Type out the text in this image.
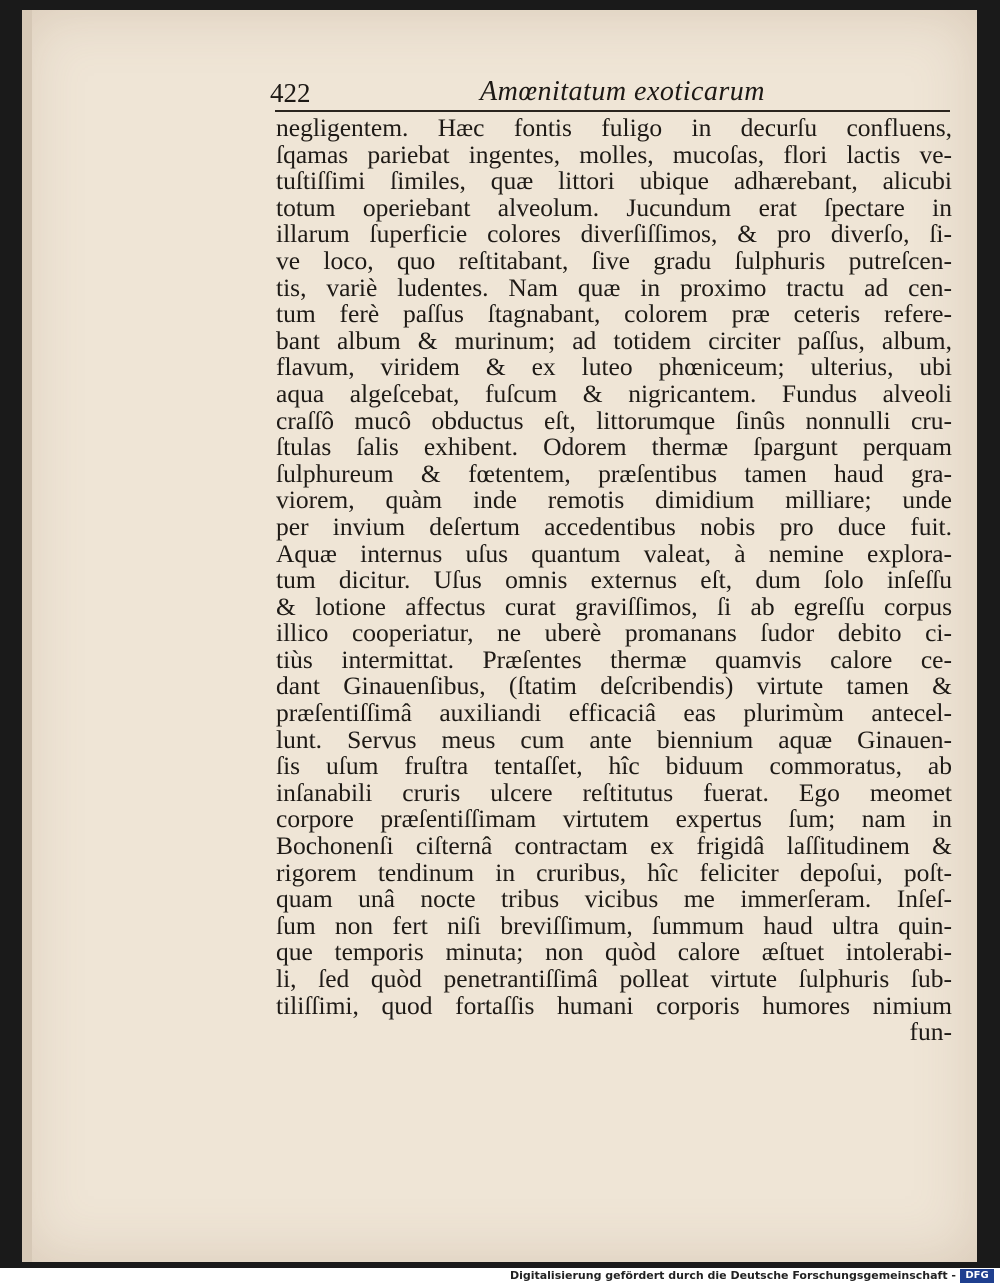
422	Amœnitatum exoticarum
negligentem. Hæc fontis fuligo in decurſu confluens,
ſqamas pariebat ingentes, molles, mucoſas, flori lactis ve-
tuſtiſſimi ſimiles, quæ littori ubique adhærebant, alicubi
totum operiebant alveolum. Jucundum erat ſpectare in
illarum ſuperficie colores diverſiſſimos, & pro diverſo, ſi-
ve loco, quo reſtitabant, ſive gradu ſulphuris putreſcen-
tis, variè ludentes. Nam quæ in proximo tractu ad cen-
tum ferè paſſus ſtagnabant, colorem præ ceteris refere-
bant album & murinum; ad totidem circiter paſſus, album,
flavum, viridem & ex luteo phœniceum; ulterius, ubi
aqua algeſcebat, fuſcum & nigricantem. Fundus alveoli
craſſô mucô obductus eſt, littorumque ſinûs nonnulli cru-
ſtulas ſalis exhibent. Odorem thermæ ſpargunt perquam
ſulphureum & fœtentem, præſentibus tamen haud gra-
viorem, quàm inde remotis dimidium milliare; unde
per invium deſertum accedentibus nobis pro duce fuit.
Aquæ internus uſus quantum valeat, à nemine explora-
tum dicitur. Uſus omnis externus eſt, dum ſolo inſeſſu
& lotione affectus curat graviſſimos, ſi ab egreſſu corpus
illico cooperiatur, ne uberè promanans ſudor debito ci-
tiùs intermittat. Præſentes thermæ quamvis calore ce-
dant Ginauenſibus, (ſtatim deſcribendis) virtute tamen &
præſentiſſimâ auxiliandi efficaciâ eas plurimùm antecel-
lunt. Servus meus cum ante biennium aquæ Ginauen-
ſis uſum fruſtra tentaſſet, hîc biduum commoratus, ab
inſanabili cruris ulcere reſtitutus fuerat. Ego meomet
corpore præſentiſſimam virtutem expertus ſum; nam in
Bochonenſi ciſternâ contractam ex frigidâ laſſitudinem &
rigorem tendinum in cruribus, hîc feliciter depoſui, poſt-
quam unâ nocte tribus vicibus me immerſeram. Inſeſ-
ſum non fert niſi breviſſimum, ſummum haud ultra quin-
que temporis minuta; non quòd calore æſtuet intolerabi-
li, ſed quòd penetrantiſſimâ polleat virtute ſulphuris ſub-
tiliſſimi, quod fortaſſis humani corporis humores nimium
fun-
Digitalisierung gefördert durch die Deutsche Forschungsgemeinschaft - DFG
